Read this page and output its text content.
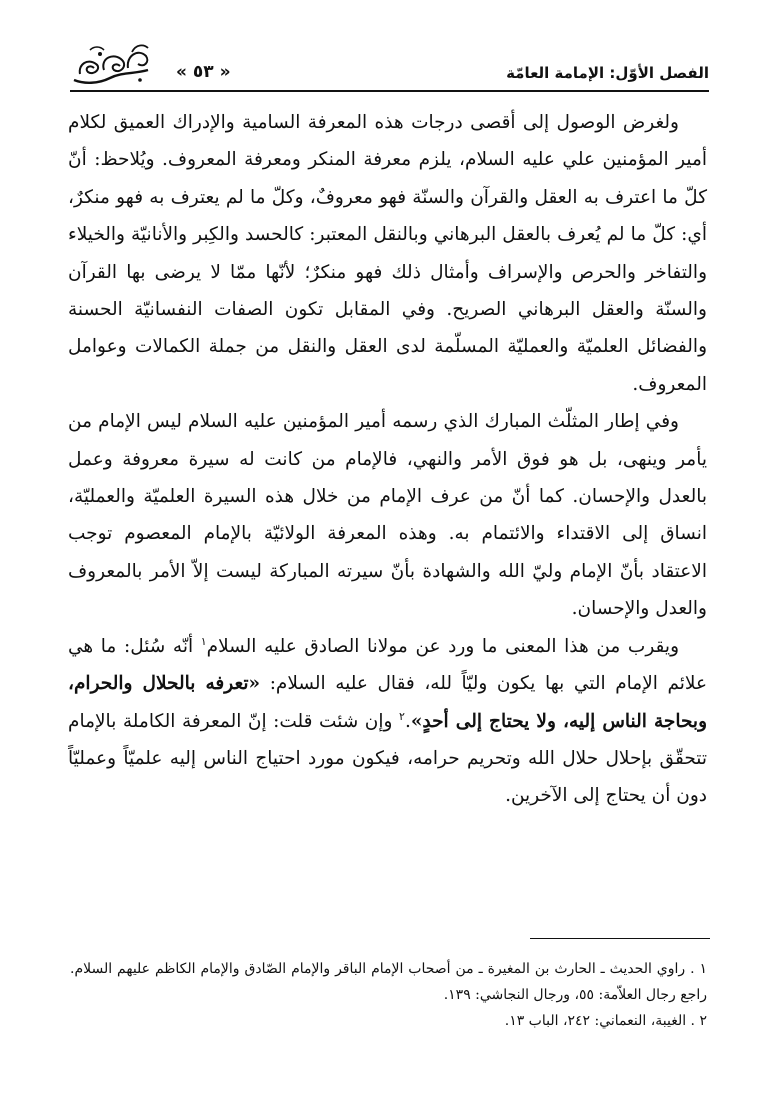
الفصل الأوّل: الإمامة العامّة
« ٥٣ »

ولغرض الوصول إلى أقصى درجات هذه المعرفة السامية والإدراك العميق لكلام أمير المؤمنين علي عليه السلام، يلزم معرفة المنكر ومعرفة المعروف. ويُلاحظ: أنّ كلّ ما اعترف به العقل والقرآن والسنّة فهو معروفٌ، وكلّ ما لم يعترف به فهو منكرٌ، أي: كلّ ما لم يُعرف بالعقل البرهاني وبالنقل المعتبر: كالحسد والكِبر والأنانيّة والخيلاء والتفاخر والحرص والإسراف وأمثال ذلك فهو منكرٌ؛ لأنّها ممّا لا يرضى بها القرآن والسنّة والعقل البرهاني الصريح. وفي المقابل تكون الصفات النفسانيّة الحسنة والفضائل العلميّة والعمليّة المسلّمة لدى العقل والنقل من جملة الكمالات وعوامل المعروف.

وفي إطار المثلّث المبارك الذي رسمه أمير المؤمنين عليه السلام ليس الإمام من يأمر وينهى، بل هو فوق الأمر والنهي، فالإمام من كانت له سيرة معروفة وعمل بالعدل والإحسان. كما أنّ من عرف الإمام من خلال هذه السيرة العلميّة والعمليّة، انساق إلى الاقتداء والائتمام به. وهذه المعرفة الولائيّة بالإمام المعصوم توجب الاعتقاد بأنّ الإمام وليّ الله والشهادة بأنّ سيرته المباركة ليست إلاّ الأمر بالمعروف والعدل والإحسان.

ويقرب من هذا المعنى ما ورد عن مولانا الصادق عليه السلام$^١$ أنّه سُئل: ما هي علائم الإمام التي بها يكون وليّاً لله، فقال عليه السلام: «تعرفه بالحلال والحرام، وبحاجة الناس إليه، ولا يحتاج إلى أحدٍ».$^٢$ وإن شئت قلت: إنّ المعرفة الكاملة بالإمام تتحقّق بإحلال حلال الله وتحريم حرامه، فيكون مورد احتياج الناس إليه علميّاً وعمليّاً دون أن يحتاج إلى الآخرين.

١ . راوي الحديث ـ الحارث بن المغيرة ـ من أصحاب الإمام الباقر والإمام الصّادق والإمام الكاظم عليهم السلام. راجع رجال العلاّمة: ٥٥، ورجال النجاشي: ١٣٩.

٢ . الغيبة، النعماني: ٢٤٢، الباب ١٣.
